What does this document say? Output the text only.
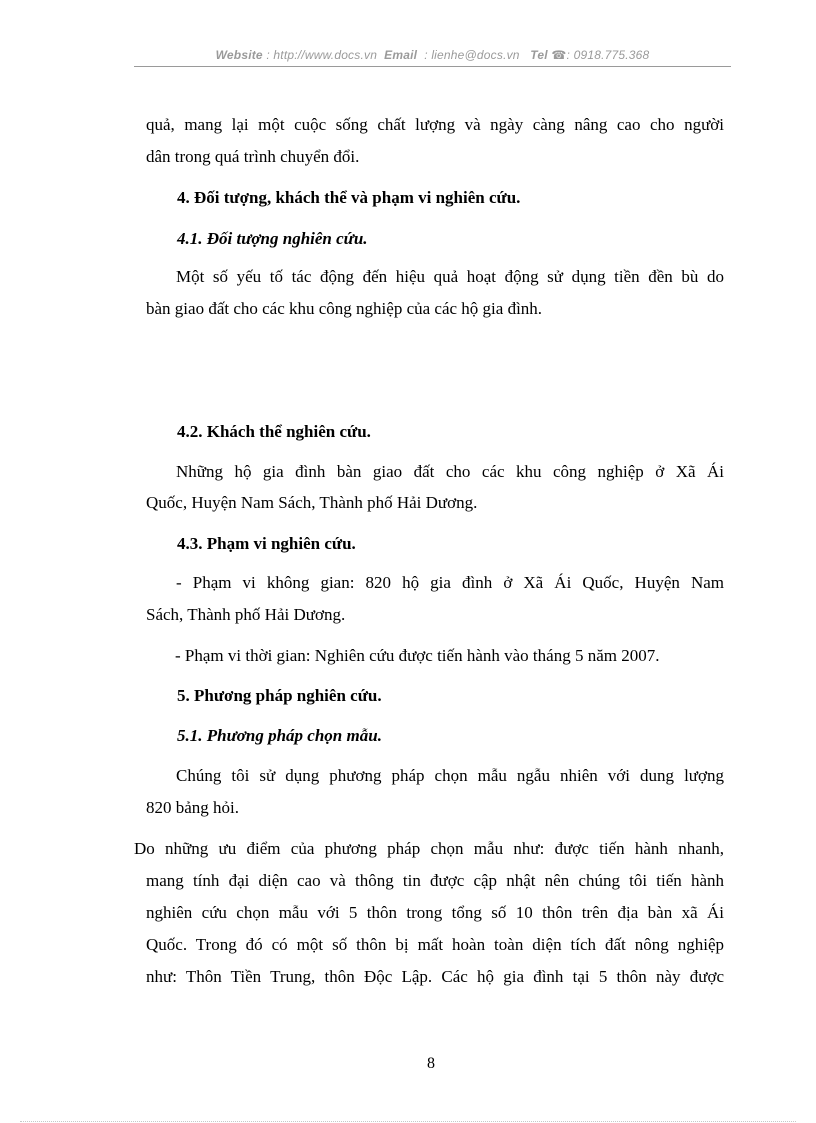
Website : http://www.docs.vn Email : lienhe@docs.vn Tel ☎: 0918.775.368
quả, mang lại một cuộc sống chất lượng và ngày càng nâng cao cho người
dân trong quá trình chuyển đổi.
4. Đối tượng, khách thể và phạm vi nghiên cứu.
4.1. Đối tượng nghiên cứu.
Một số yếu tố tác động đến hiệu quả hoạt động sử dụng tiền đền bù do
bàn giao đất cho các khu công nghiệp của các hộ gia đình.
4.2. Khách thể nghiên cứu.
Những hộ gia đình bàn giao đất cho các khu công nghiệp ở Xã Ái
Quốc, Huyện Nam Sách, Thành phố Hải Dương.
4.3. Phạm vi nghiên cứu.
- Phạm vi không gian: 820 hộ gia đình ở Xã Ái Quốc, Huyện Nam
Sách, Thành phố Hải Dương.
- Phạm vi thời gian: Nghiên cứu được tiến hành vào tháng 5 năm 2007.
5. Phương pháp nghiên cứu.
5.1. Phương pháp chọn mẫu.
Chúng tôi sử dụng phương pháp chọn mẫu ngẫu nhiên với dung lượng
820 bảng hỏi.
Do những ưu điểm của phương pháp chọn mẫu như: được tiến hành nhanh,
mang tính đại diện cao và thông tin được cập nhật nên chúng tôi tiến hành
nghiên cứu chọn mẫu với 5 thôn trong tổng số 10 thôn trên địa bàn xã Ái
Quốc. Trong đó có một số thôn bị mất hoàn toàn diện tích đất nông nghiệp
như: Thôn Tiền Trung, thôn Độc Lập. Các hộ gia đình tại 5 thôn này được
8
